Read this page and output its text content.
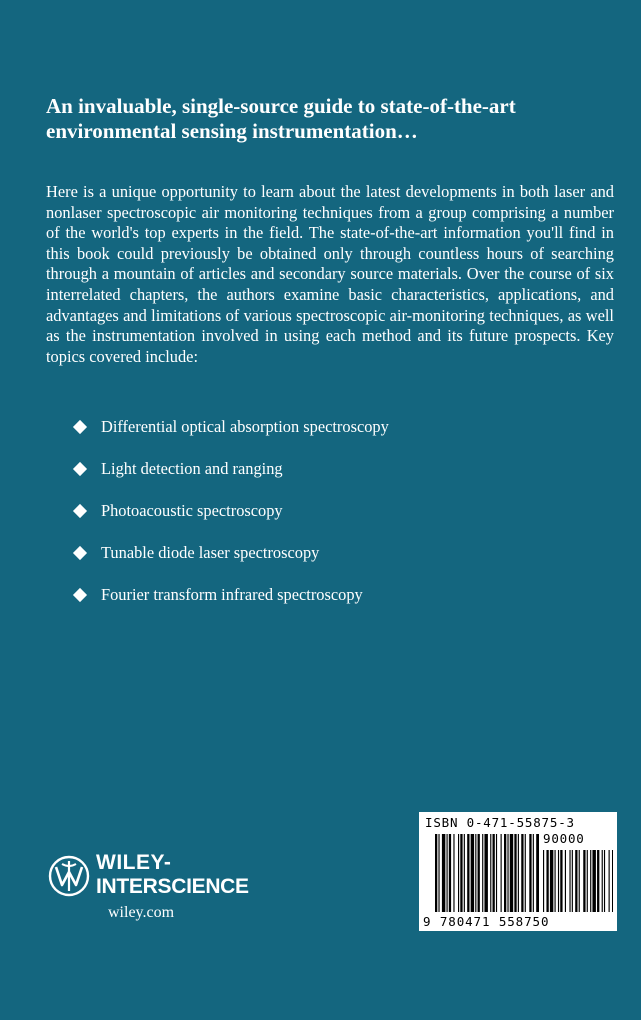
An invaluable, single-source guide to state-of-the-art
environmental sensing instrumentation…

Here is a unique opportunity to learn about the latest developments in both laser and nonlaser spectroscopic air monitoring techniques from a group comprising a number of the world's top experts in the field. The state-of-the-art information you'll find in this book could previously be obtained only through countless hours of searching through a mountain of articles and secondary source materials. Over the course of six interrelated chapters, the authors examine basic characteristics, applications, and advantages and limitations of various spectroscopic air-monitoring techniques, as well as the instrumentation involved in using each method and its future prospects. Key topics covered include:

Differential optical absorption spectroscopy
Light detection and ranging
Photoacoustic spectroscopy
Tunable diode laser spectroscopy
Fourier transform infrared spectroscopy
WILEY-
INTERSCIENCE
wiley.com
ISBN 0-471-55875-3
90000
9 780471 558750
